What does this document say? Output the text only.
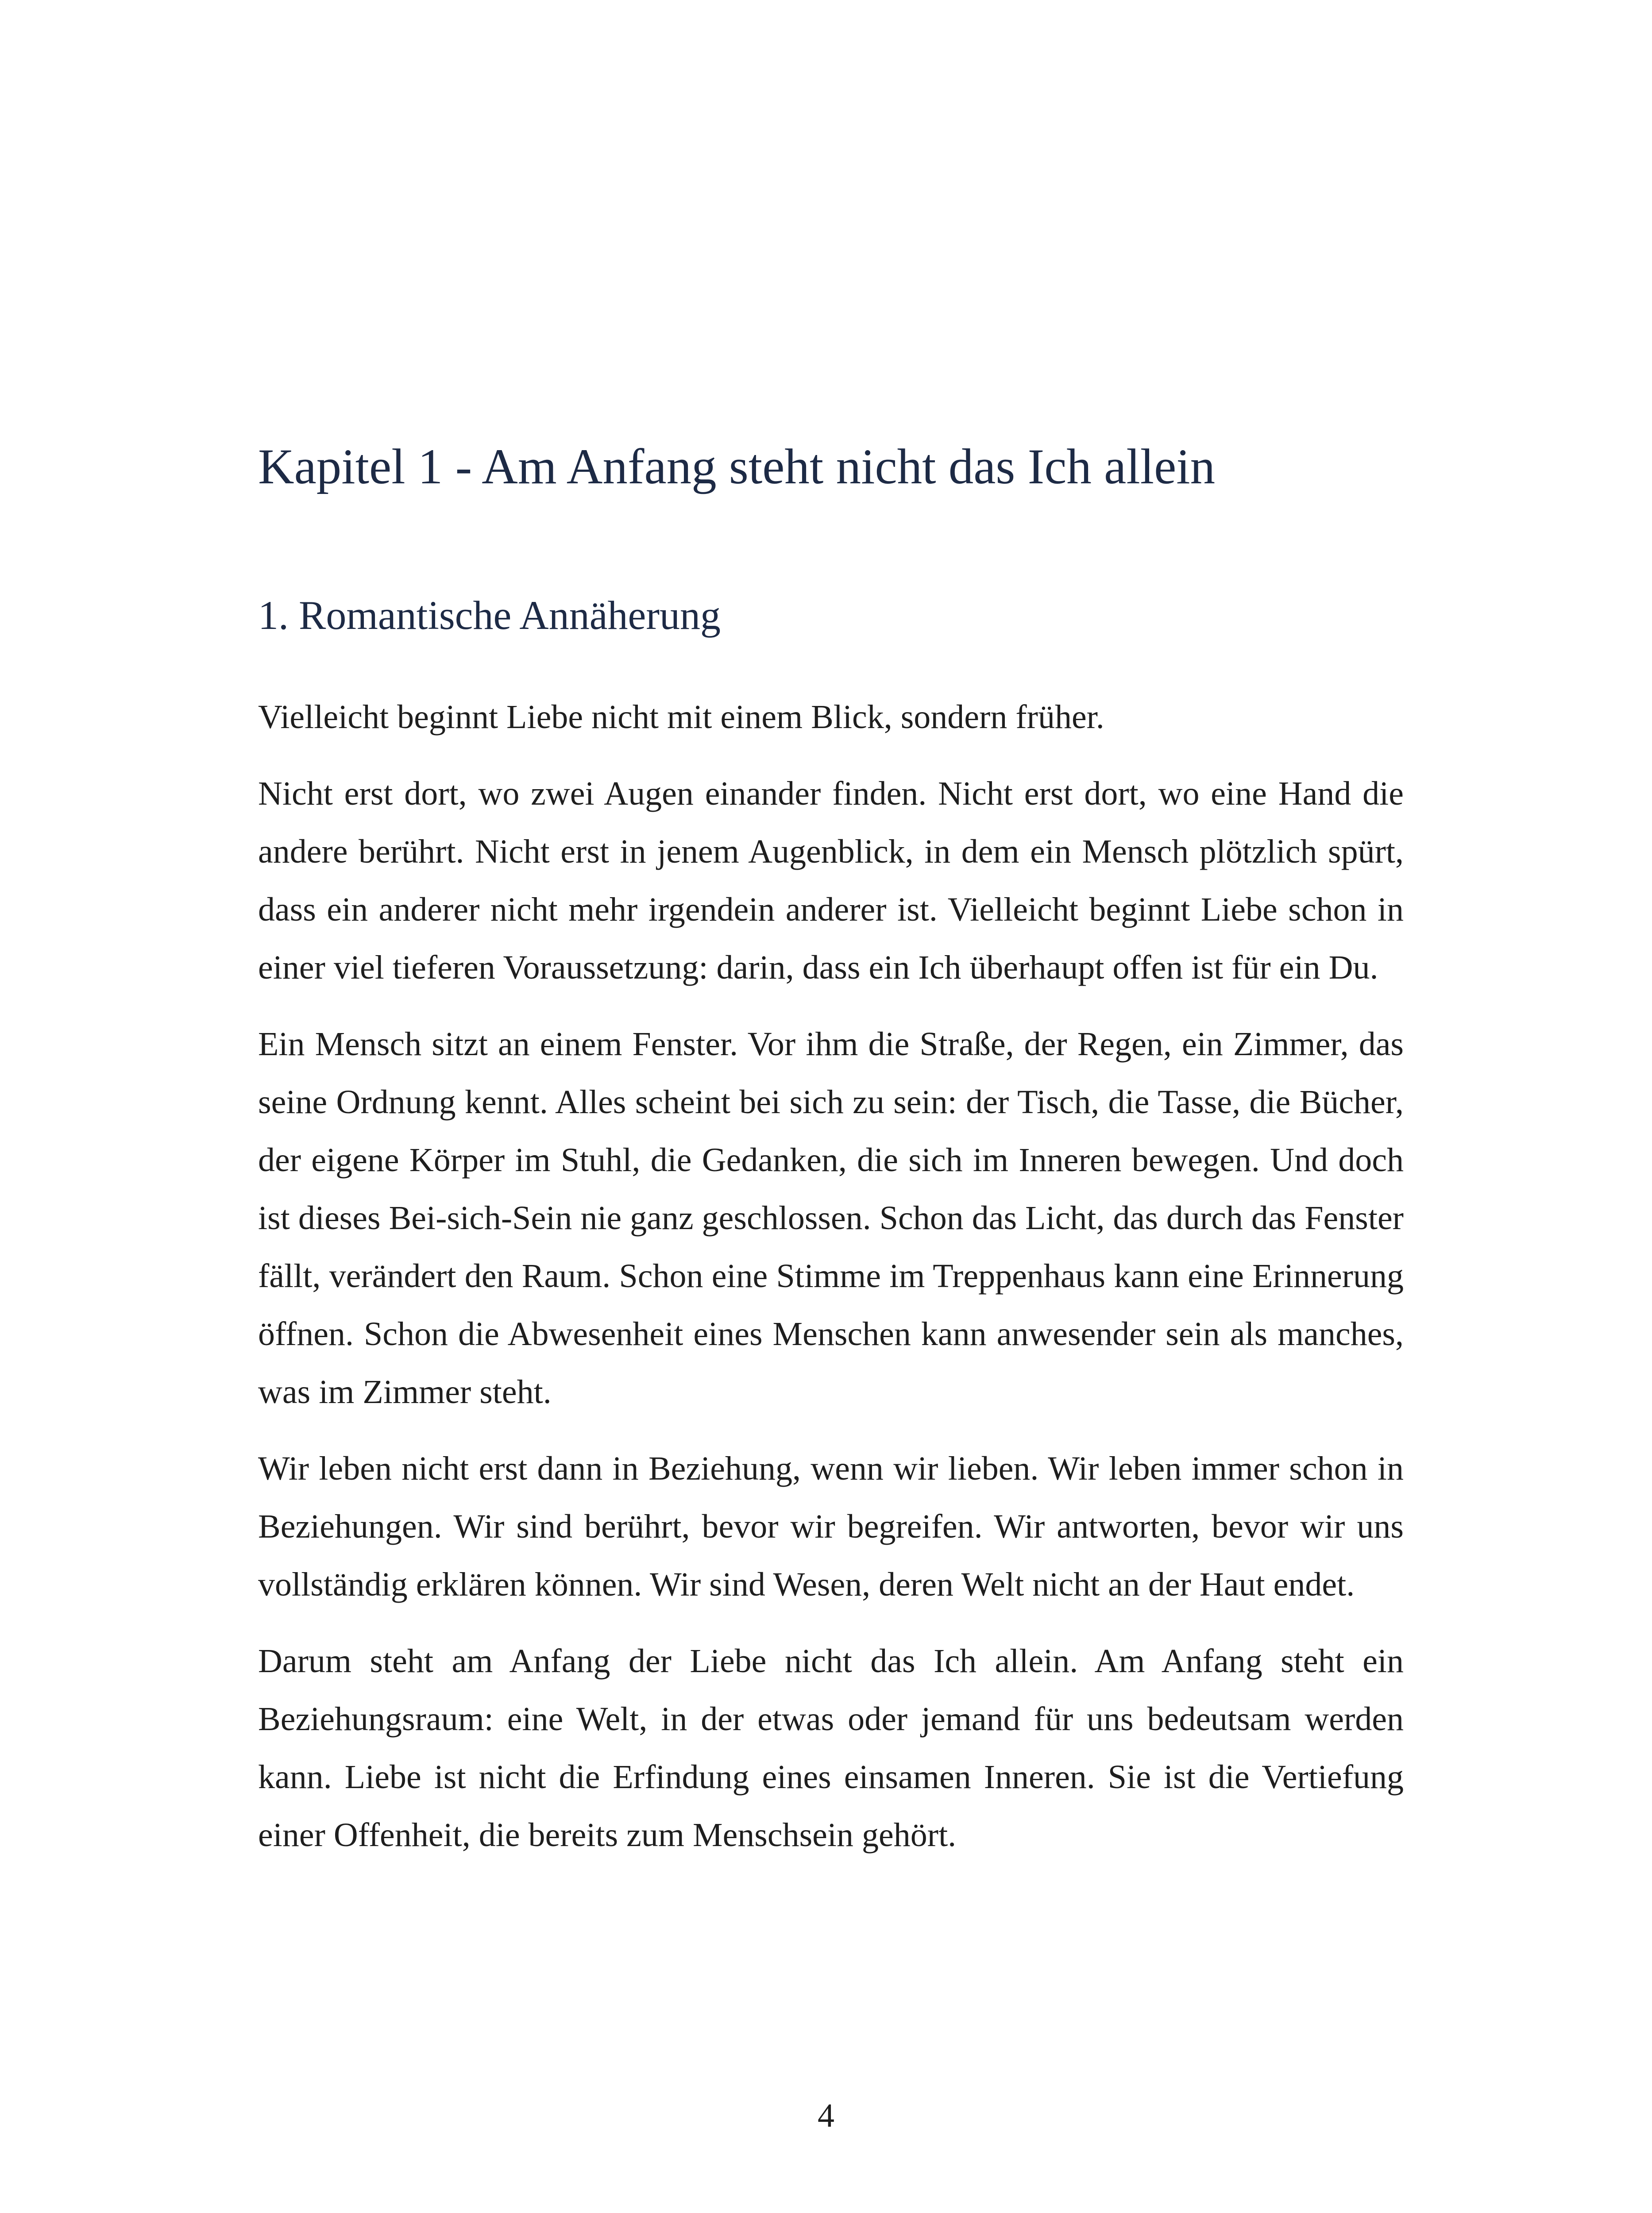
Kapitel 1 - Am Anfang steht nicht das Ich allein
1. Romantische Annäherung

Vielleicht beginnt Liebe nicht mit einem Blick, sondern früher.

Nicht erst dort, wo zwei Augen einander finden. Nicht erst dort, wo eine Hand die andere berührt. Nicht erst in jenem Augenblick, in dem ein Mensch plötzlich spürt, dass ein anderer nicht mehr irgendein anderer ist. Vielleicht beginnt Liebe schon in einer viel tieferen Voraussetzung: darin, dass ein Ich überhaupt offen ist für ein Du.

Ein Mensch sitzt an einem Fenster. Vor ihm die Straße, der Regen, ein Zimmer, das seine Ordnung kennt. Alles scheint bei sich zu sein: der Tisch, die Tasse, die Bücher, der eigene Körper im Stuhl, die Gedanken, die sich im Inneren bewegen. Und doch ist dieses Bei-sich-Sein nie ganz geschlossen. Schon das Licht, das durch das Fenster fällt, verändert den Raum. Schon eine Stimme im Treppenhaus kann eine Erinnerung öffnen. Schon die Abwesenheit eines Menschen kann anwesender sein als manches, was im Zimmer steht.

Wir leben nicht erst dann in Beziehung, wenn wir lieben. Wir leben immer schon in Beziehungen. Wir sind berührt, bevor wir begreifen. Wir antworten, bevor wir uns vollständig erklären können. Wir sind Wesen, deren Welt nicht an der Haut endet.

Darum steht am Anfang der Liebe nicht das Ich allein. Am Anfang steht ein Beziehungsraum: eine Welt, in der etwas oder jemand für uns bedeutsam werden kann. Liebe ist nicht die Erfindung eines einsamen Inneren. Sie ist die Vertiefung einer Offenheit, die bereits zum Menschsein gehört.

4
